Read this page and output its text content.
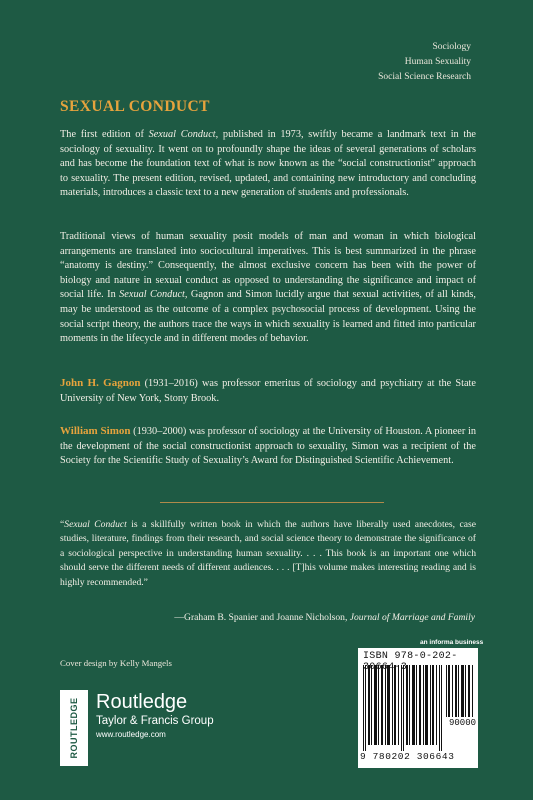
Sociology
Human Sexuality
Social Science Research
SEXUAL CONDUCT
The first edition of Sexual Conduct, published in 1973, swiftly became a landmark text in the sociology of sexuality. It went on to profoundly shape the ideas of several generations of scholars and has become the foundation text of what is now known as the “social constructionist” approach to sexuality. The present edition, revised, updated, and containing new introductory and concluding materials, introduces a classic text to a new generation of students and professionals.
Traditional views of human sexuality posit models of man and woman in which biological arrangements are translated into sociocultural imperatives. This is best summarized in the phrase “anatomy is destiny.” Consequently, the almost exclusive concern has been with the power of biology and nature in sexual conduct as opposed to understanding the significance and impact of social life. In Sexual Conduct, Gagnon and Simon lucidly argue that sexual activities, of all kinds, may be understood as the outcome of a complex psychosocial process of development. Using the social script theory, the authors trace the ways in which sexuality is learned and fitted into particular moments in the lifecycle and in different modes of behavior.
John H. Gagnon (1931–2016) was professor emeritus of sociology and psychiatry at the State University of New York, Stony Brook.
William Simon (1930–2000) was professor of sociology at the University of Houston. A pioneer in the development of the social constructionist approach to sexuality, Simon was a recipient of the Society for the Scientific Study of Sexuality’s Award for Distinguished Scientific Achievement.
“Sexual Conduct is a skillfully written book in which the authors have liberally used anecdotes, case studies, literature, findings from their research, and social science theory to demonstrate the significance of a sociological perspective in understanding human sexuality. . . . This book is an important one which should serve the different needs of different audiences. . . . [T]his volume makes interesting reading and is highly recommended.”
—Graham B. Spanier and Joanne Nicholson, Journal of Marriage and Family
an informa business
Cover design by Kelly Mangels
ISBN 978-0-202-30664-3
90000
9 780202 306643
ROUTLEDGE Routledge
Taylor & Francis Group
www.routledge.com
